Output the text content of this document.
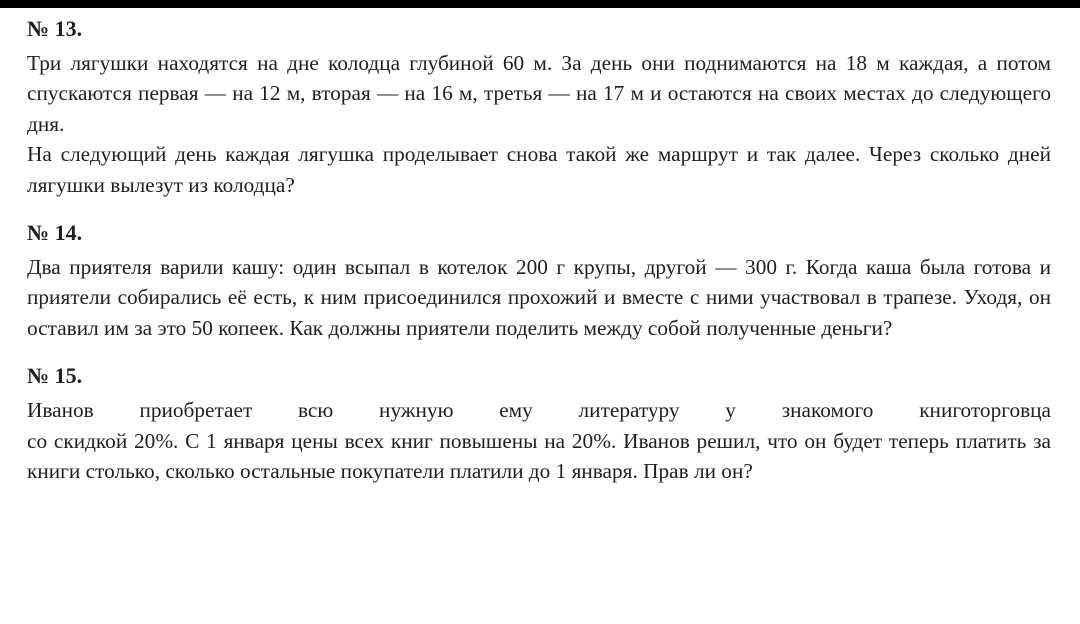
№ 13.

Три лягушки находятся на дне колодца глубиной 60 м. За день они поднимаются на 18 м каждая, а потом спускаются первая — на 12 м, вторая — на 16 м, третья — на 17 м и остаются на своих местах до следующего дня.

На следующий день каждая лягушка проделывает снова такой же маршрут и так далее. Через сколько дней лягушки вылезут из колодца?

№ 14.

Два приятеля варили кашу: один всыпал в котелок 200 г крупы, другой — 300 г. Когда каша была готова и приятели собирались её есть, к ним присоединился прохожий и вместе с ними участвовал в трапезе. Уходя, он оставил им за это 50 копеек. Как должны приятели поделить между собой полученные деньги?

№ 15.

Иванов приобретает всю нужную ему литературу у знакомого книготорговца

со скидкой 20%. С 1 января цены всех книг повышены на 20%. Иванов решил, что он будет теперь платить за книги столько, сколько остальные покупатели платили до 1 января. Прав ли он?
